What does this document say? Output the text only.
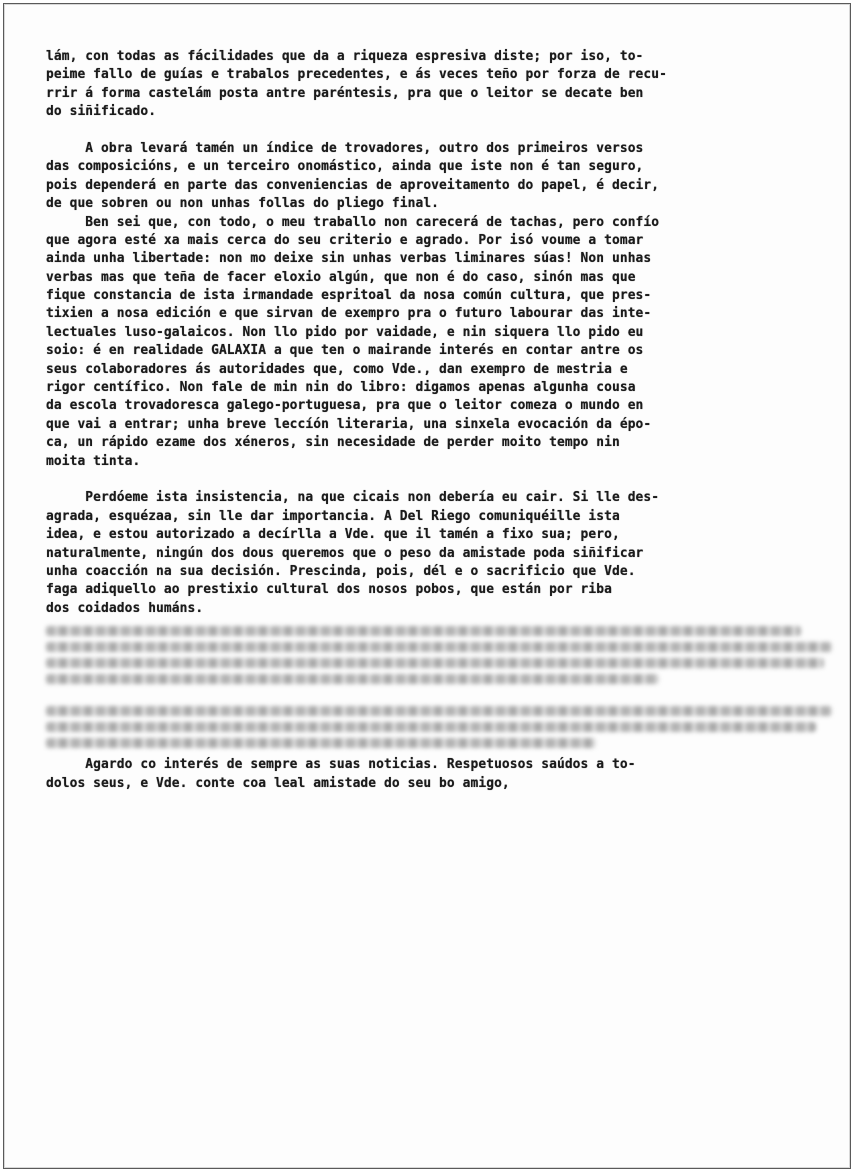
lám, con todas as fácilidades que da a riqueza espresiva diste; por iso, to-
peime fallo de guías e trabalos precedentes, e ás veces teño por forza de recu-
rrir á forma castelám posta antre paréntesis, pra que o leitor se decate ben
do siñificado.
A obra levará tamén un índice de trovadores, outro dos primeiros versos
das composicións, e un terceiro onomástico, ainda que iste non é tan seguro,
pois dependerá en parte das conveniencias de aproveitamento do papel, é decir,
de que sobren ou non unhas follas do pliego final.
Ben sei que, con todo, o meu traballo non carecerá de tachas, pero confío
que agora esté xa mais cerca do seu criterio e agrado. Por isó voume a tomar
ainda unha libertade: non mo deixe sin unhas verbas liminares súas! Non unhas
verbas mas que teña de facer eloxio algún, que non é do caso, sinón mas que
fique constancia de ista irmandade espritoal da nosa común cultura, que pres-
tixien a nosa edición e que sirvan de exempro pra o futuro labourar das inte-
lectuales luso-galaicos. Non llo pido por vaidade, e nin siquera llo pido eu
soio: é en realidade GALAXIA a que ten o mairande interés en contar antre os
seus colaboradores ás autoridades que, como Vde., dan exempro de mestria e
rigor centífico. Non fale de min nin do libro: digamos apenas algunha cousa
da escola trovadoresca galego-portuguesa, pra que o leitor comeza o mundo en
que vai a entrar; unha breve leccíón literaria, una sinxela evocación da épo-
ca, un rápido ezame dos xéneros, sin necesidade de perder moito tempo nin
moita tinta.
Perdóeme ista insistencia, na que cicais non debería eu cair. Si lle des-
agrada, esquézaa, sin lle dar importancia. A Del Riego comuniquéille ista
idea, e estou autorizado a decírlla a Vde. que il tamén a fixo sua; pero,
naturalmente, ningún dos dous queremos que o peso da amistade poda siñificar
unha coacción na sua decisión. Prescinda, pois, dél e o sacrificio que Vde.
faga adiquello ao prestixio cultural dos nosos pobos, que están por riba
dos coidados humáns.
Agardo co interés de sempre as suas noticias. Respetuosos saúdos a to-
dolos seus, e Vde. conte coa leal amistade do seu bo amigo,
